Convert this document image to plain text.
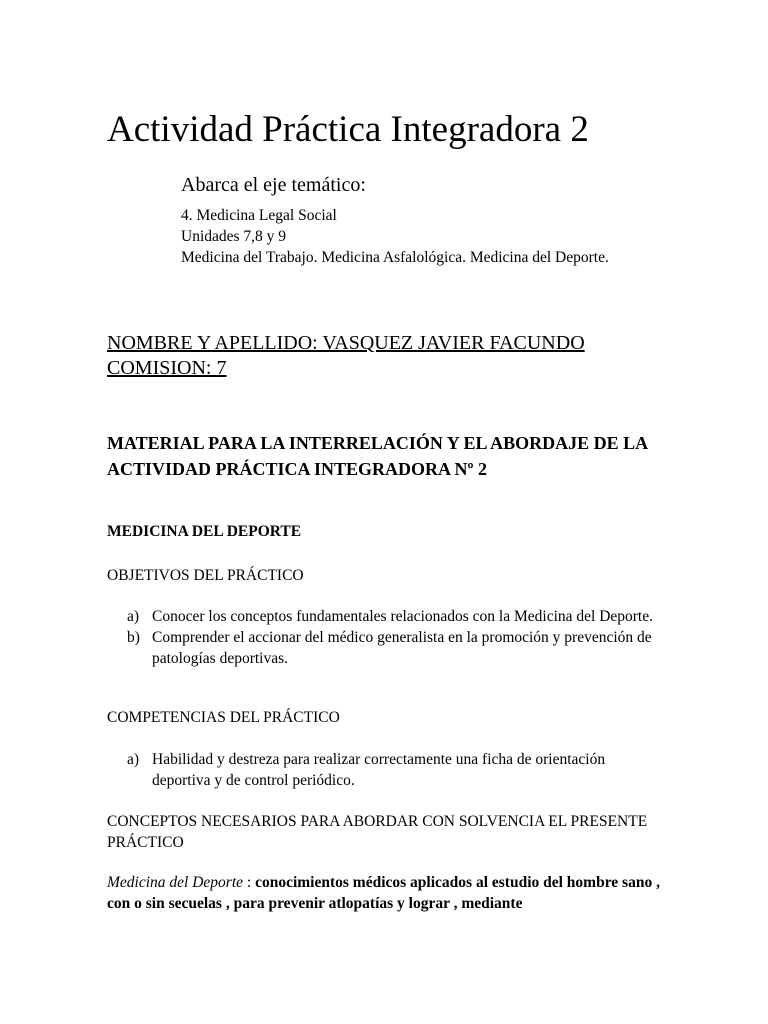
Actividad Práctica Integradora 2

Abarca el eje temático:

4. Medicina Legal Social
Unidades 7,8 y 9
Medicina del Trabajo. Medicina Asfalológica. Medicina del Deporte.
NOMBRE Y APELLIDO: VASQUEZ JAVIER FACUNDO
COMISION: 7
MATERIAL PARA LA INTERRELACIÓN Y EL ABORDAJE DE LA ACTIVIDAD PRÁCTICA INTEGRADORA Nº 2

MEDICINA DEL DEPORTE

OBJETIVOS DEL PRÁCTICO

a) Conocer los conceptos fundamentales relacionados con la Medicina del Deporte.
b) Comprender el accionar del médico generalista en la promoción y prevención de patologías deportivas.

COMPETENCIAS DEL PRÁCTICO

a) Habilidad y destreza para realizar correctamente una ficha de orientación deportiva y de control periódico.

CONCEPTOS NECESARIOS PARA ABORDAR CON SOLVENCIA EL PRESENTE PRÁCTICO

Medicina del Deporte : conocimientos médicos aplicados al estudio del hombre sano , con o sin secuelas , para prevenir atlopatías y lograr , mediante
